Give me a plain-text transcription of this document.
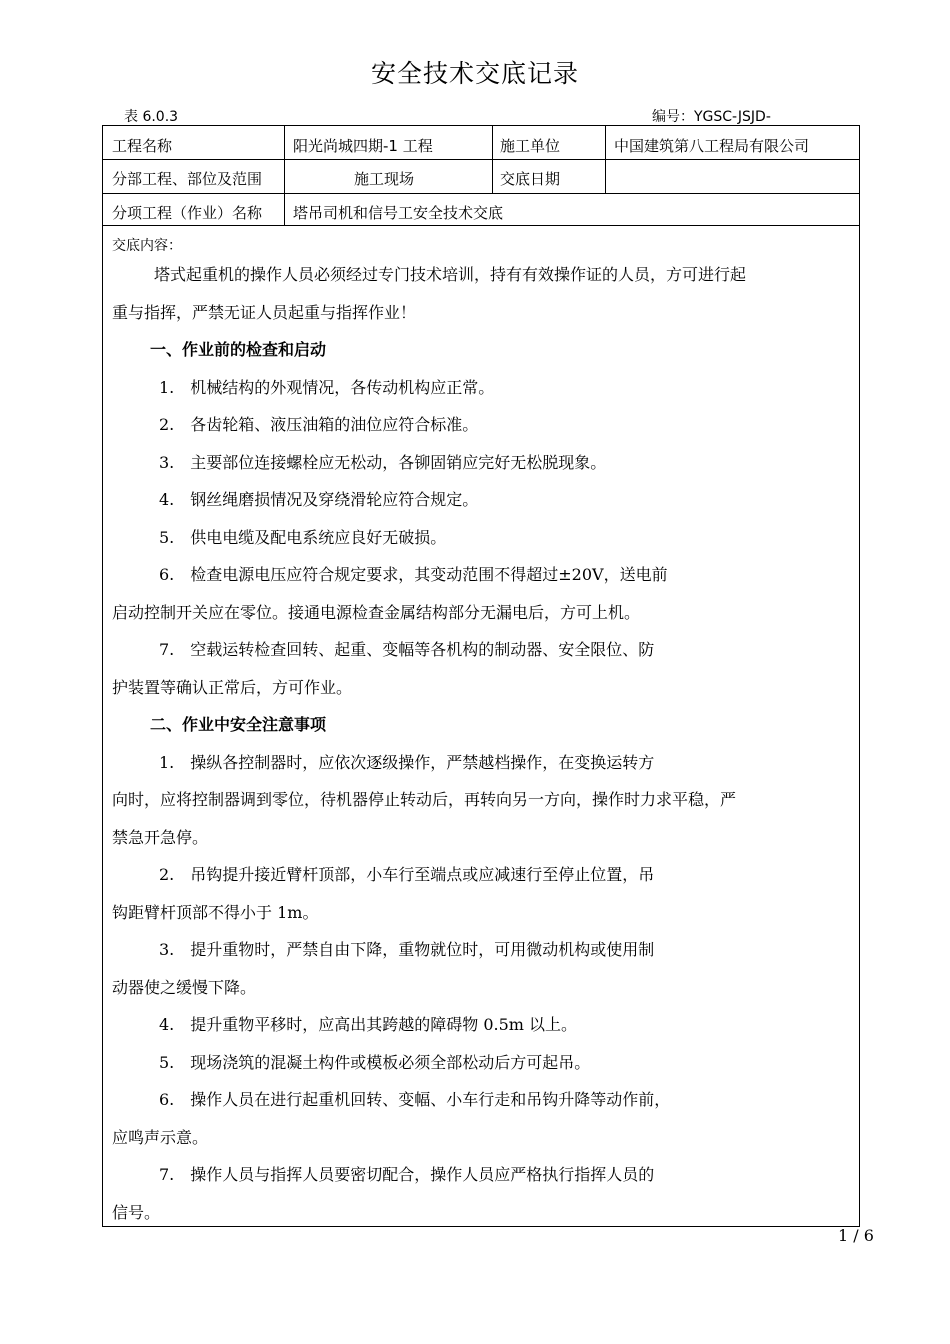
安全技术交底记录
表 6.0.3	编号：YGSC-JSJD-
工程名称	阳光尚城四期-1 工程	施工单位	中国建筑第八工程局有限公司
分部工程、部位及范围	施工现场	交底日期
分项工程（作业）名称 塔吊司机和信号工安全技术交底
交底内容：
塔式起重机的操作人员必须经过专门技术培训，持有有效操作证的人员，方可进行起
重与指挥，严禁无证人员起重与指挥作业！
一、作业前的检查和启动
1.　机械结构的外观情况，各传动机构应正常。
2.　各齿轮箱、液压油箱的油位应符合标准。
3.　主要部位连接螺栓应无松动，各铆固销应完好无松脱现象。
4.　钢丝绳磨损情况及穿绕滑轮应符合规定。
5.　供电电缆及配电系统应良好无破损。
6.　检查电源电压应符合规定要求，其变动范围不得超过±20V，送电前
启动控制开关应在零位。接通电源检查金属结构部分无漏电后，方可上机。
7.　空载运转检查回转、起重、变幅等各机构的制动器、安全限位、防
护装置等确认正常后，方可作业。
二、作业中安全注意事项
1.　操纵各控制器时，应依次逐级操作，严禁越档操作，在变换运转方
向时，应将控制器调到零位，待机器停止转动后，再转向另一方向，操作时力求平稳，严
禁急开急停。
2.　吊钩提升接近臂杆顶部，小车行至端点或应减速行至停止位置，吊
钩距臂杆顶部不得小于 1m。
3.　提升重物时，严禁自由下降，重物就位时，可用微动机构或使用制
动器使之缓慢下降。
4.　提升重物平移时，应高出其跨越的障碍物 0.5m 以上。
5.　现场浇筑的混凝土构件或模板必须全部松动后方可起吊。
6.　操作人员在进行起重机回转、变幅、小车行走和吊钩升降等动作前，
应鸣声示意。
7.　操作人员与指挥人员要密切配合，操作人员应严格执行指挥人员的
信号。
1 / 6
